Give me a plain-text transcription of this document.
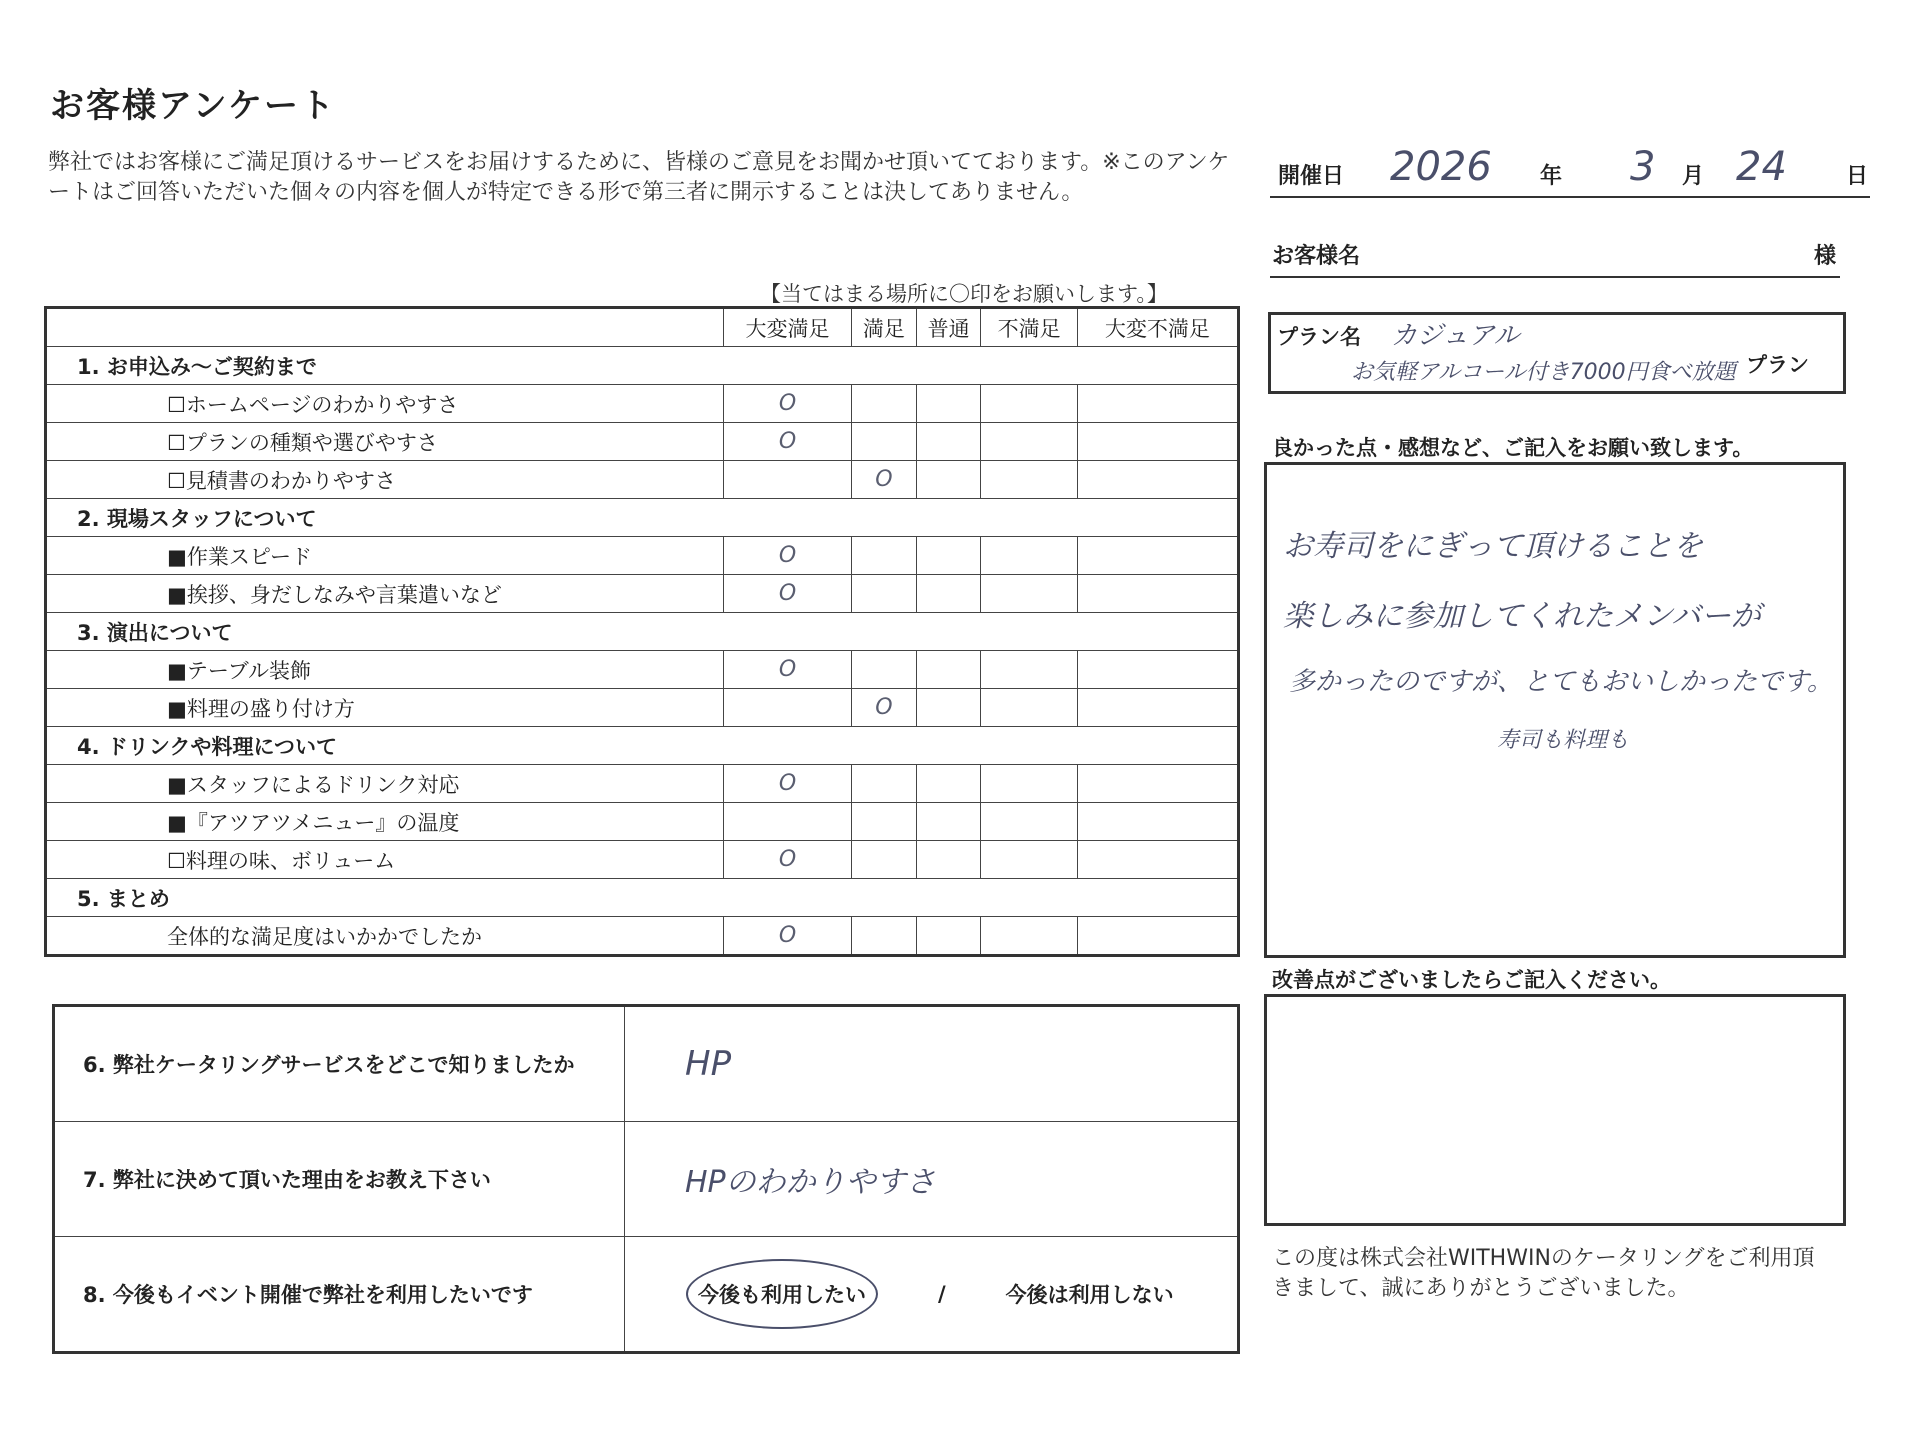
お客様アンケート
弊社ではお客様にご満足頂けるサービスをお届けするために、皆様のご意見をお聞かせ頂いてております。※このアンケートはご回答いただいた個々の内容を個人が特定できる形で第三者に開示することは決してありません。
【当てはまる場所に〇印をお願いします。】
	大変満足	満足	普通	不満足	大変不満足
1. お申込み～ご契約まで					
☐ホームページのわかりやすさ	O				
☐プランの種類や選びやすさ	O				
☐見積書のわかりやすさ		O			
2. 現場スタッフについて					
■作業スピード	O				
■挨拶、身だしなみや言葉遣いなど	O				
3. 演出について					
■テーブル装飾	O				
■料理の盛り付け方		O			
4. ドリンクや料理について					
■スタッフによるドリンク対応	O				
■『アツアツメニュー』の温度					
☐料理の味、ボリューム	O				
5. まとめ					
全体的な満足度はいかかでしたか	O				
6. 弊社ケータリングサービスをどこで知りましたか	HP
7. 弊社に決めて頂いた理由をお教え下さい	HPのわかりやすさ
8. 今後もイベント開催で弊社を利用したいです	今後も利用したい / 今後は利用しない
開催日 2026 年 3 月 24	日
お客様名	様
プラン名 カジュアル
お気軽アルコール付き7000円食べ放題 プラン
良かった点・感想など、ご記入をお願い致します。
お寿司をにぎって頂けることを
楽しみに参加してくれたメンバーが
多かったのですが、とてもおいしかったです。
寿司も料理も
改善点がございましたらご記入ください。
この度は株式会社WITHWINのケータリングをご利用頂きまして、誠にありがとうございました。
